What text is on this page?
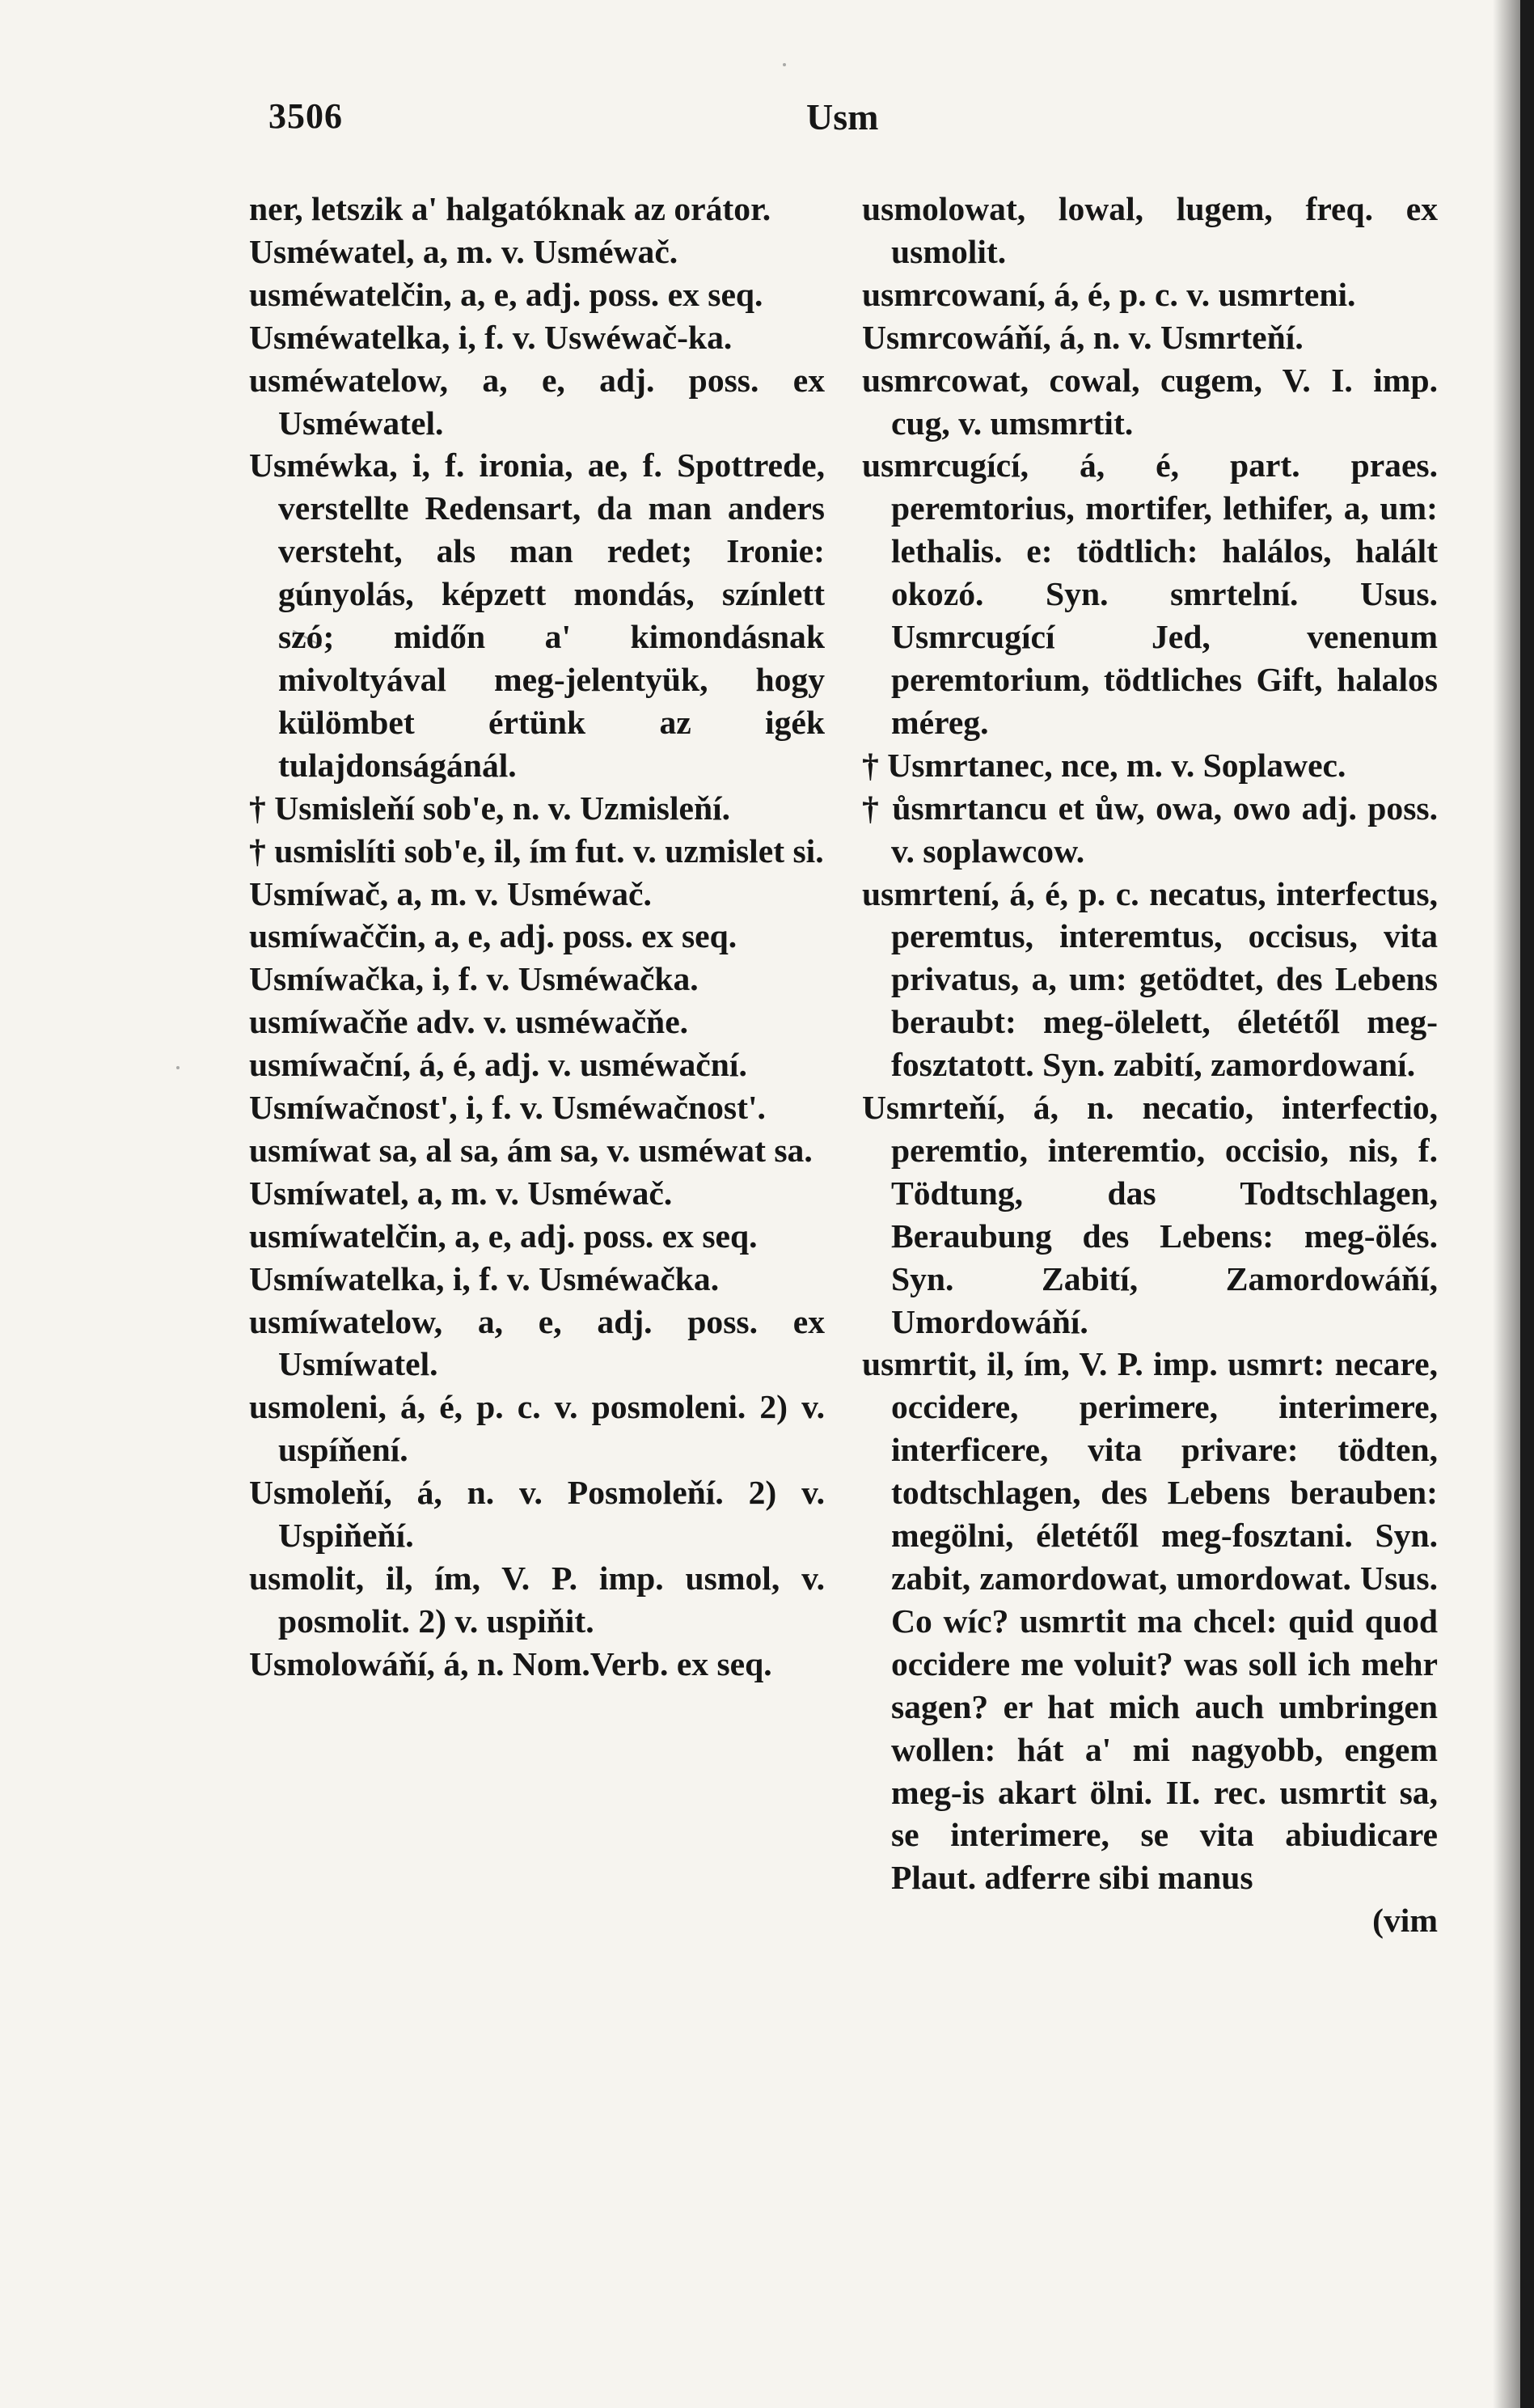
3506	Usm

ner, letszik a' halgatóknak az orátor.

Usméwatel, a, m. v. Usméwač.

usméwatelčin, a, e, adj. poss. ex seq.

Usméwatelka, i, f. v. Uswéwač-ka.

usméwatelow, a, e, adj. poss. ex Usméwatel.

Usméwka, i, f. ironia, ae, f. Spottrede, verstellte Redensart, da man anders versteht, als man redet; Ironie: gúnyolás, képzett mondás, színlett szó; midőn a' kimondásnak mivoltyával meg-jelentyük, hogy külömbet értünk az igék tulajdonságánál.

† Usmisleňí sob'e, n. v. Uzmisleňí.

† usmislíti sob'e, il, ím fut. v. uzmislet si.

Usmíwač, a, m. v. Usméwač.

usmíwaččin, a, e, adj. poss. ex seq.

Usmíwačka, i, f. v. Usméwačka.

usmíwačňe adv. v. usméwačňe.

usmíwační, á, é, adj. v. usméwační.

Usmíwačnost', i, f. v. Usméwačnost'.

usmíwat sa, al sa, ám sa, v. usméwat sa.

Usmíwatel, a, m. v. Usméwač.

usmíwatelčin, a, e, adj. poss. ex seq.

Usmíwatelka, i, f. v. Usméwačka.

usmíwatelow, a, e, adj. poss. ex Usmíwatel.

usmoleni, á, é, p. c. v. posmoleni. 2) v. uspíňení.

Usmoleňí, á, n. v. Posmoleňí. 2) v. Uspiňeňí.

usmolit, il, ím, V. P. imp. usmol, v. posmolit. 2) v. uspiňit.

Usmolowáňí, á, n. Nom.Verb. ex seq.

usmolowat, lowal, lugem, freq. ex usmolit.

usmrcowaní, á, é, p. c. v. usmrteni.

Usmrcowáňí, á, n. v. Usmrteňí.

usmrcowat, cowal, cugem, V. I. imp. cug, v. umsmrtit.

usmrcugící, á, é, part. praes. peremtorius, mortifer, lethifer, a, um: lethalis. e: tödtlich: halálos, halált okozó. Syn. smrtelní. Usus. Usmrcugící Jed, venenum peremtorium, tödtliches Gift, halalos méreg.

† Usmrtanec, nce, m. v. Soplawec.

† ůsmrtancu et ůw, owa, owo adj. poss. v. soplawcow.

usmrtení, á, é, p. c. necatus, interfectus, peremtus, interemtus, occisus, vita privatus, a, um: getödtet, des Lebens beraubt: meg-ölelett, életétől meg-fosztatott. Syn. zabití, zamordowaní.

Usmrteňí, á, n. necatio, interfectio, peremtio, interemtio, occisio, nis, f. Tödtung, das Todtschlagen, Beraubung des Lebens: meg-ölés. Syn. Zabití, Zamordowáňí, Umordowáňí.

usmrtit, il, ím, V. P. imp. usmrt: necare, occidere, perimere, interimere, interficere, vita privare: tödten, todtschlagen, des Lebens berauben: megölni, életétől meg-fosztani. Syn. zabit, zamordowat, umordowat. Usus. Co wíc? usmrtit ma chcel: quid quod occidere me voluit? was soll ich mehr sagen? er hat mich auch umbringen wollen: hát a' mi nagyobb, engem meg-is akart ölni. II. rec. usmrtit sa, se interimere, se vita abiudicare Plaut. adferre sibi manus

(vim
